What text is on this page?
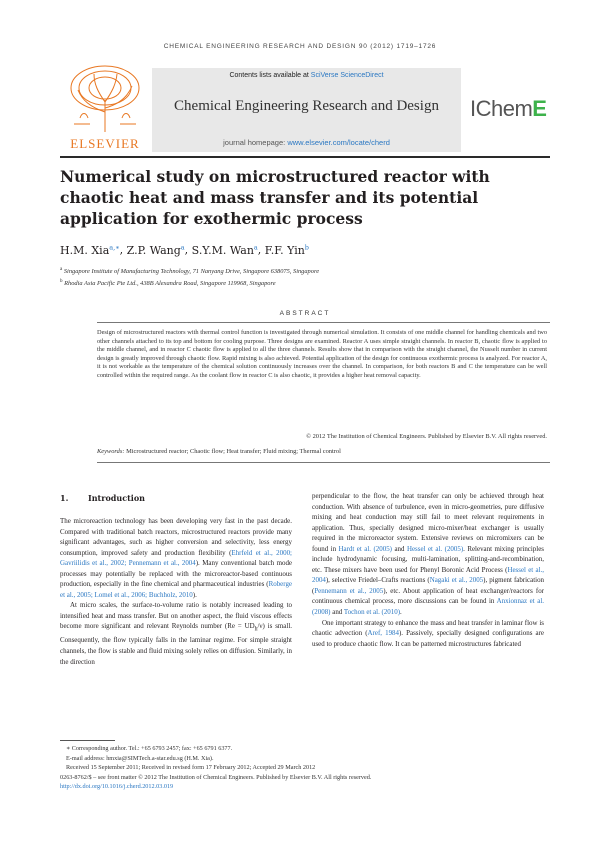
CHEMICAL ENGINEERING RESEARCH AND DESIGN 90 (2012) 1719–1726
ELSEVIER
Contents lists available at SciVerse ScienceDirect
Chemical Engineering Research and Design
journal homepage: www.elsevier.com/locate/cherd
IChemE
Numerical study on microstructured reactor with chaotic heat and mass transfer and its potential application for exothermic process
H.M. Xia$^{a,∗}$, Z.P. Wang$^a$, S.Y.M. Wan$^a$, F.F. Yin$^b$
$^a$ Singapore Institute of Manufacturing Technology, 71 Nanyang Drive, Singapore 638075, Singapore
$^b$ Rhodia Asia Pacific Pte Ltd., 438B Alexandra Road, Singapore 119968, Singapore
ABSTRACT
Design of microstructured reactors with thermal control function is investigated through numerical simulation. It consists of one middle channel for handling chemicals and two other channels attached to its top and bottom for cooling purpose. Three designs are examined. Reactor A uses simple straight channels. In reactor B, chaotic flow is applied to the middle channel, and in reactor C chaotic flow is applied to all the three channels. Results show that in comparison with the straight channel, the Nusselt number in current design is greatly improved through chaotic flow. Rapid mixing is also achieved. Potential application of the design for continuous exothermic process is analyzed. For reactor A, it is not workable as the temperature of the chemical solution continuously increases over the channel. In comparison, for both reactors B and C the temperature can be well controlled within the required range. As the coolant flow in reactor C is also chaotic, it provides a higher heat removal capacity.
© 2012 The Institution of Chemical Engineers. Published by Elsevier B.V. All rights reserved.
Keywords: Microstructured reactor; Chaotic flow; Heat transfer; Fluid mixing; Thermal control
1. Introduction

The microreaction technology has been developing very fast in the past decade. Compared with traditional batch reactors, microstructured reactors provide many significant advantages, such as higher conversion and selectivity, less energy consumption, improved safety and production flexibility (Ehrfeld et al., 2000; Gavriilidis et al., 2002; Pennemann et al., 2004). Many conventional batch mode processes may potentially be replaced with the microreactor-based continuous production, especially in the fine chemical and pharmaceutical industries (Roberge et al., 2005; Lomel et al., 2006; Buchholz, 2010).

At micro scales, the surface-to-volume ratio is notably increased leading to intensified heat and mass transfer. But on another aspect, the fluid viscous effects become more significant and relevant Reynolds number $(Re = UD_h/\nu)$ is small. Consequently, the flow typically falls in the laminar regime. For simple straight channels, the flow is stable and fluid mixing solely relies on diffusion. Similarly, in the direction

perpendicular to the flow, the heat transfer can only be achieved through heat conduction. With absence of turbulence, even in micro-geometries, pure diffusive mixing and heat conduction may still fail to meet relevant requirements in application. Thus, specially designed micro-mixer/heat exchanger is usually required in the microreactor system. Extensive reviews on micromixers can be found in Hardt et al. (2005) and Hessel et al. (2005). Relevant mixing principles include hydrodynamic focusing, multi-lamination, splitting-and-recombination, etc. These mixers have been used for Phenyl Boronic Acid Process (Hessel et al., 2004), selective Friedel–Crafts reactions (Nagaki et al., 2005), pigment fabrication (Pennemann et al., 2005), etc. About application of heat exchanger/reactors for continuous chemical process, more discussions can be found in Anxionnaz et al. (2008) and Tochon et al. (2010).

One important strategy to enhance the mass and heat transfer in laminar flow is chaotic advection (Aref, 1984). Passively, specially designed configurations are used to produce chaotic flow. It can be patterned microstructures fabricated

∗ Corresponding author. Tel.: +65 6793 2457; fax: +65 6791 6377.
E-mail address: hmxia@SIMTech.a-star.edu.sg (H.M. Xia).
Received 15 September 2011; Received in revised form 17 February 2012; Accepted 29 March 2012
0263-8762/$ – see front matter © 2012 The Institution of Chemical Engineers. Published by Elsevier B.V. All rights reserved.
http://dx.doi.org/10.1016/j.cherd.2012.03.019
